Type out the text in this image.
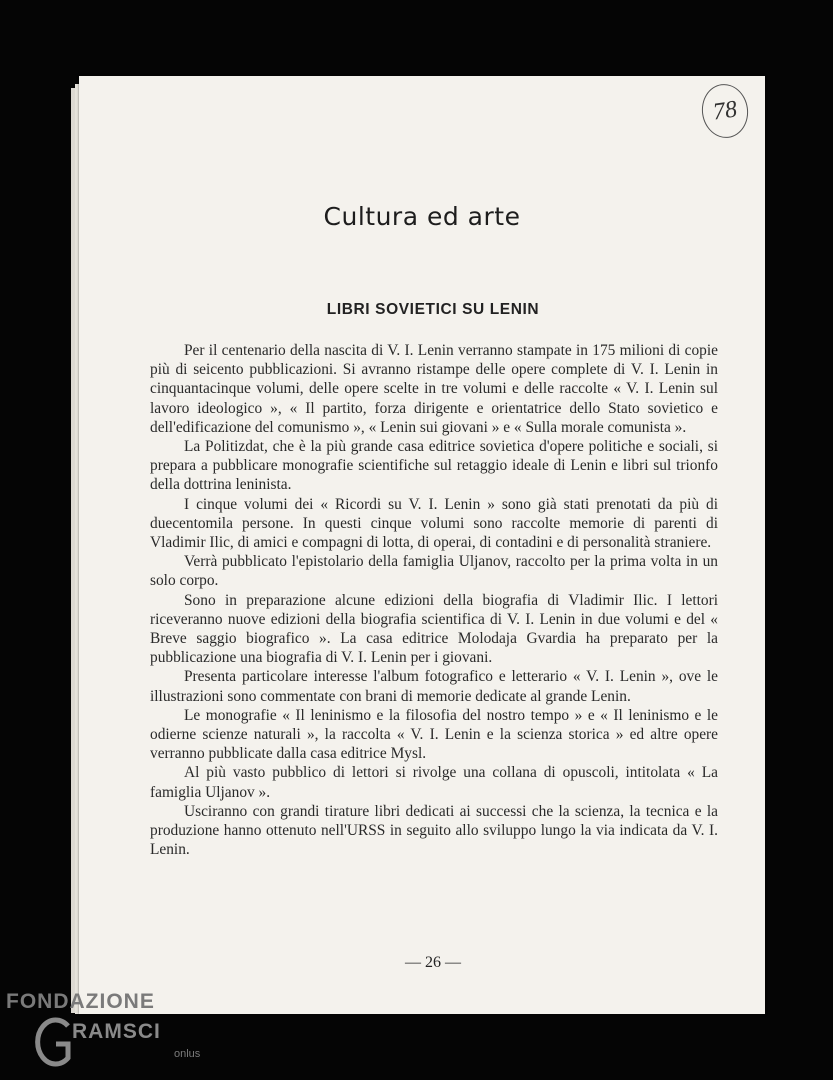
78
Cultura ed arte
LIBRI SOVIETICI SU LENIN

Per il centenario della nascita di V. I. Lenin verranno stampate in 175 milioni di copie più di seicento pubblicazioni. Si avranno ristampe delle opere complete di V. I. Lenin in cinquantacinque volumi, delle opere scelte in tre volumi e delle raccolte « V. I. Lenin sul lavoro ideologico », « Il partito, forza dirigente e orientatrice dello Stato sovietico e dell'edificazione del comunismo », « Lenin sui giovani » e « Sulla morale comunista ».

La Politizdat, che è la più grande casa editrice sovietica d'opere politiche e sociali, si prepara a pubblicare monografie scientifiche sul retaggio ideale di Lenin e libri sul trionfo della dottrina leninista.

I cinque volumi dei « Ricordi su V. I. Lenin » sono già stati prenotati da più di duecentomila persone. In questi cinque volumi sono raccolte memorie di parenti di Vladimir Ilic, di amici e compagni di lotta, di operai, di contadini e di personalità straniere.

Verrà pubblicato l'epistolario della famiglia Uljanov, raccolto per la prima volta in un solo corpo.

Sono in preparazione alcune edizioni della biografia di Vladimir Ilic. I lettori riceveranno nuove edizioni della biografia scientifica di V. I. Lenin in due volumi e del « Breve saggio biografico ». La casa editrice Molodaja Gvardia ha preparato per la pubblicazione una biografia di V. I. Lenin per i giovani.

Presenta particolare interesse l'album fotografico e letterario « V. I. Lenin », ove le illustrazioni sono commentate con brani di memorie dedicate al grande Lenin.

Le monografie « Il leninismo e la filosofia del nostro tempo » e « Il leninismo e le odierne scienze naturali », la raccolta « V. I. Lenin e la scienza storica » ed altre opere verranno pubblicate dalla casa editrice Mysl.

Al più vasto pubblico di lettori si rivolge una collana di opuscoli, intitolata « La famiglia Uljanov ».

Usciranno con grandi tirature libri dedicati ai successi che la scienza, la tecnica e la produzione hanno ottenuto nell'URSS in seguito allo sviluppo lungo la via indicata da V. I. Lenin.

— 26 —
FONDAZIONE
RAMSCI
onlus
